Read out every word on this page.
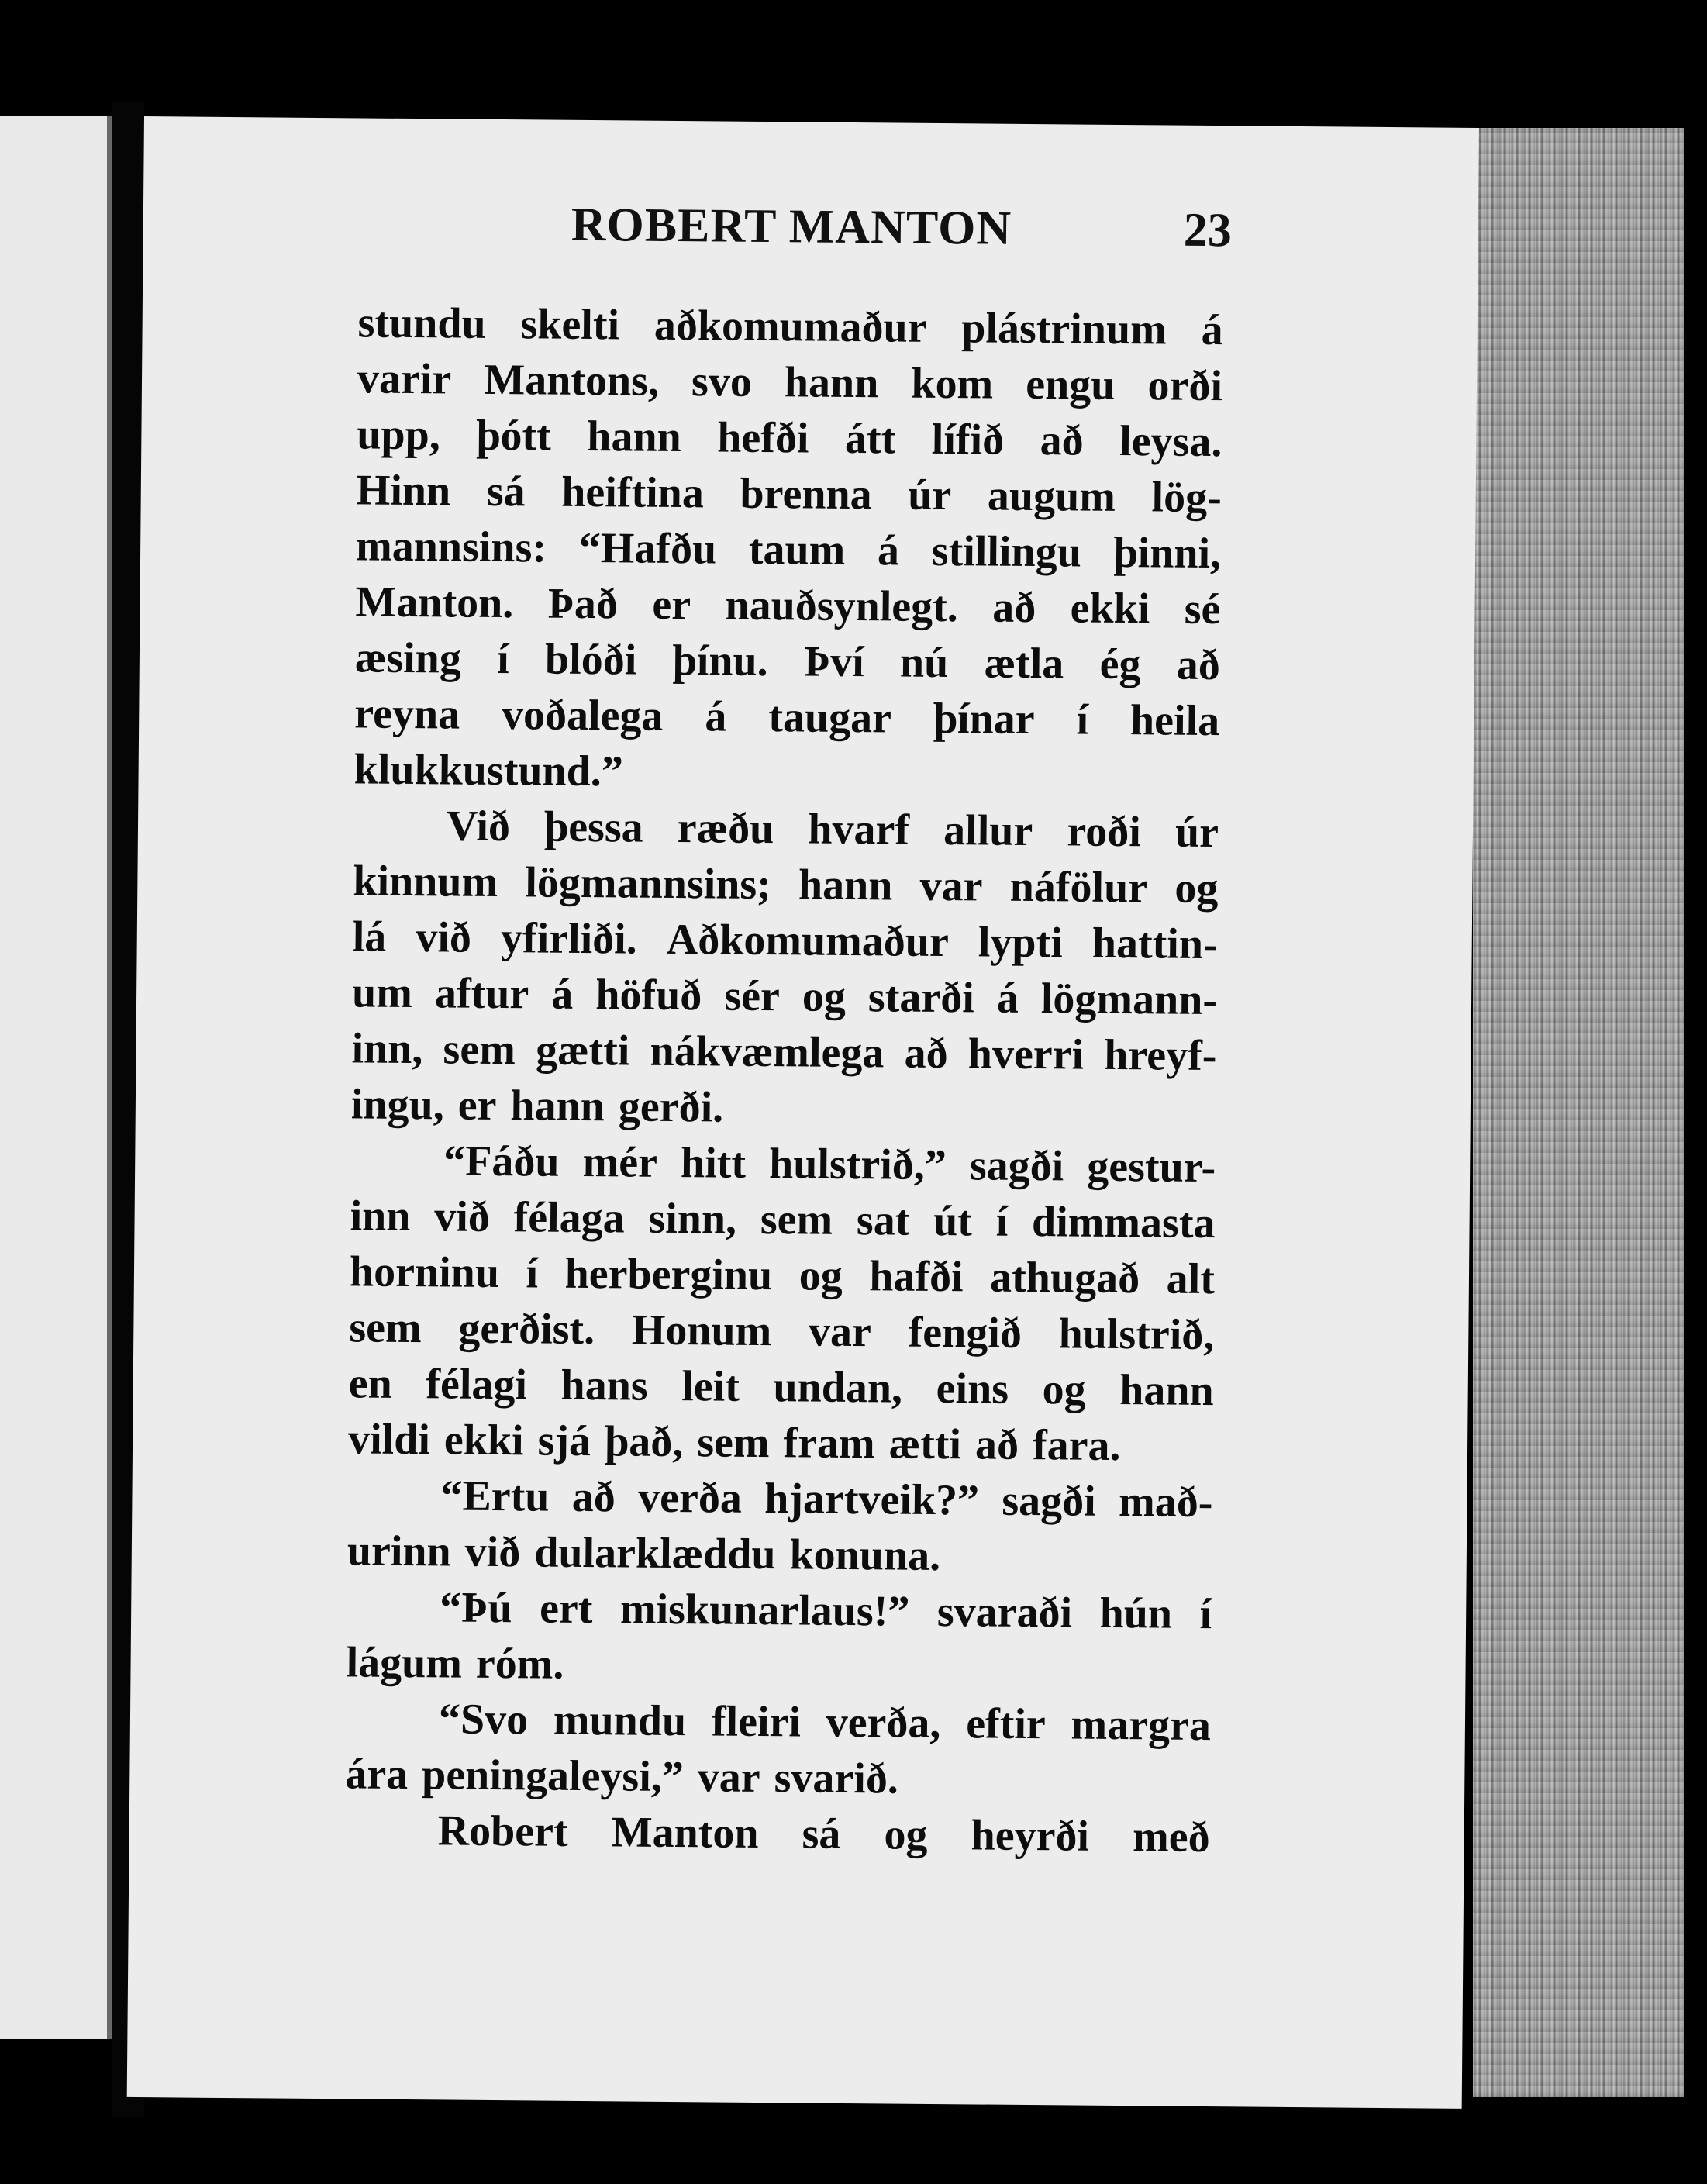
ROBERT MANTON	23
stundu skelti aðkomumaður plástrinum á
varir Mantons, svo hann kom engu orði
upp, þótt hann hefði átt lífið að leysa.
Hinn sá heiftina brenna úr augum lög-
mannsins: “Hafðu taum á stillingu þinni,
Manton. Það er nauðsynlegt. að ekki sé
æsing í blóði þínu. Því nú ætla ég að
reyna voðalega á taugar þínar í heila
klukkustund.”
Við þessa ræðu hvarf allur roði úr
kinnum lögmannsins; hann var náfölur og
lá við yfirliði. Aðkomumaður lypti hattin-
um aftur á höfuð sér og starði á lögmann-
inn, sem gætti nákvæmlega að hverri hreyf-
ingu, er hann gerði.
“Fáðu mér hitt hulstrið,” sagði gestur-
inn við félaga sinn, sem sat út í dimmasta
horninu í herberginu og hafði athugað alt
sem gerðist. Honum var fengið hulstrið,
en félagi hans leit undan, eins og hann
vildi ekki sjá það, sem fram ætti að fara.
“Ertu að verða hjartveik?” sagði mað-
urinn við dularklæddu konuna.
“Þú ert miskunarlaus!” svaraði hún í
lágum róm.
“Svo mundu fleiri verða, eftir margra
ára peningaleysi,” var svarið.
Robert Manton sá og heyrði með
